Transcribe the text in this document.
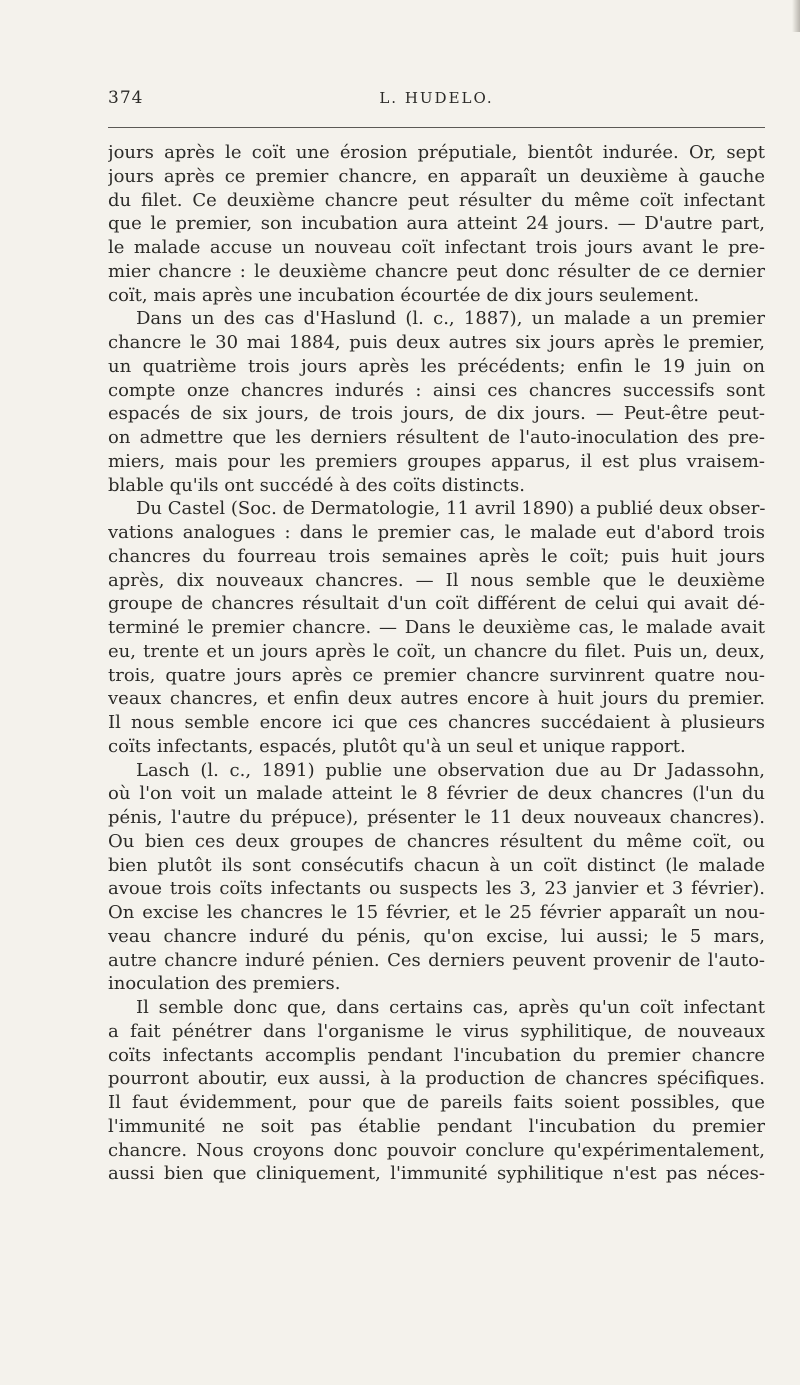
374	L. HUDELO.
jours après le coït une érosion préputiale, bientôt indurée. Or, sept
jours après ce premier chancre, en apparaît un deuxième à gauche
du filet. Ce deuxième chancre peut résulter du même coït infectant
que le premier, son incubation aura atteint 24 jours. — D'autre part,
le malade accuse un nouveau coït infectant trois jours avant le pre-
mier chancre : le deuxième chancre peut donc résulter de ce dernier
coït, mais après une incubation écourtée de dix jours seulement.
Dans un des cas d'Haslund (l. c., 1887), un malade a un premier
chancre le 30 mai 1884, puis deux autres six jours après le premier,
un quatrième trois jours après les précédents; enfin le 19 juin on
compte onze chancres indurés : ainsi ces chancres successifs sont
espacés de six jours, de trois jours, de dix jours. — Peut-être peut-
on admettre que les derniers résultent de l'auto-inoculation des pre-
miers, mais pour les premiers groupes apparus, il est plus vraisem-
blable qu'ils ont succédé à des coïts distincts.
Du Castel (Soc. de Dermatologie, 11 avril 1890) a publié deux obser-
vations analogues : dans le premier cas, le malade eut d'abord trois
chancres du fourreau trois semaines après le coït; puis huit jours
après, dix nouveaux chancres. — Il nous semble que le deuxième
groupe de chancres résultait d'un coït différent de celui qui avait dé-
terminé le premier chancre. — Dans le deuxième cas, le malade avait
eu, trente et un jours après le coït, un chancre du filet. Puis un, deux,
trois, quatre jours après ce premier chancre survinrent quatre nou-
veaux chancres, et enfin deux autres encore à huit jours du premier.
Il nous semble encore ici que ces chancres succédaient à plusieurs
coïts infectants, espacés, plutôt qu'à un seul et unique rapport.
Lasch (l. c., 1891) publie une observation due au Dr Jadassohn,
où l'on voit un malade atteint le 8 février de deux chancres (l'un du
pénis, l'autre du prépuce), présenter le 11 deux nouveaux chancres).
Ou bien ces deux groupes de chancres résultent du même coït, ou
bien plutôt ils sont consécutifs chacun à un coït distinct (le malade
avoue trois coïts infectants ou suspects les 3, 23 janvier et 3 février).
On excise les chancres le 15 février, et le 25 février apparaît un nou-
veau chancre induré du pénis, qu'on excise, lui aussi; le 5 mars,
autre chancre induré pénien. Ces derniers peuvent provenir de l'auto-
inoculation des premiers.
Il semble donc que, dans certains cas, après qu'un coït infectant
a fait pénétrer dans l'organisme le virus syphilitique, de nouveaux
coïts infectants accomplis pendant l'incubation du premier chancre
pourront aboutir, eux aussi, à la production de chancres spécifiques.
Il faut évidemment, pour que de pareils faits soient possibles, que
l'immunité ne soit pas établie pendant l'incubation du premier
chancre. Nous croyons donc pouvoir conclure qu'expérimentalement,
aussi bien que cliniquement, l'immunité syphilitique n'est pas néces-
